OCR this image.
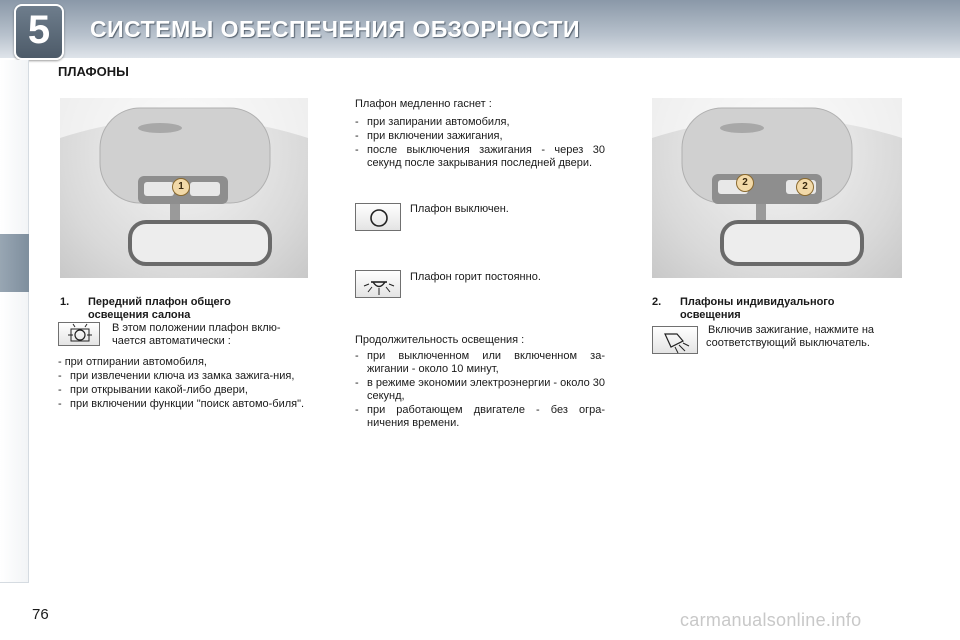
5	СИСТЕМЫ ОБЕСПЕЧЕНИЯ ОБЗОРНОСТИ
ПЛАФОНЫ
1
1. Передний плафон общего
освещения салона
В этом положении плафон вклю-
чается автоматически :
- при отпирании автомобиля,
- при извлечении ключа из замка зажига-ния,
- при открывании какой-либо двери,
- при включении функции "поиск автомо-биля".
Плафон медленно гаснет :
- при запирании автомобиля,
- при включении зажигания,
- после выключения зажигания - через 30 секунд после закрывания последней двери.
Плафон выключен.
Плафон горит постоянно.
Продолжительность освещения :
- при выключенном или включенном за-жигании - около 10 минут,
- в режиме экономии электроэнергии - около 30 секунд,
- при работающем двигателе - без огра-ничения времени.
2	2
2. Плафоны индивидуального
освещения
Включив зажигание, нажмите на
соответствующий выключатель.
76	carmanualsonline.info
